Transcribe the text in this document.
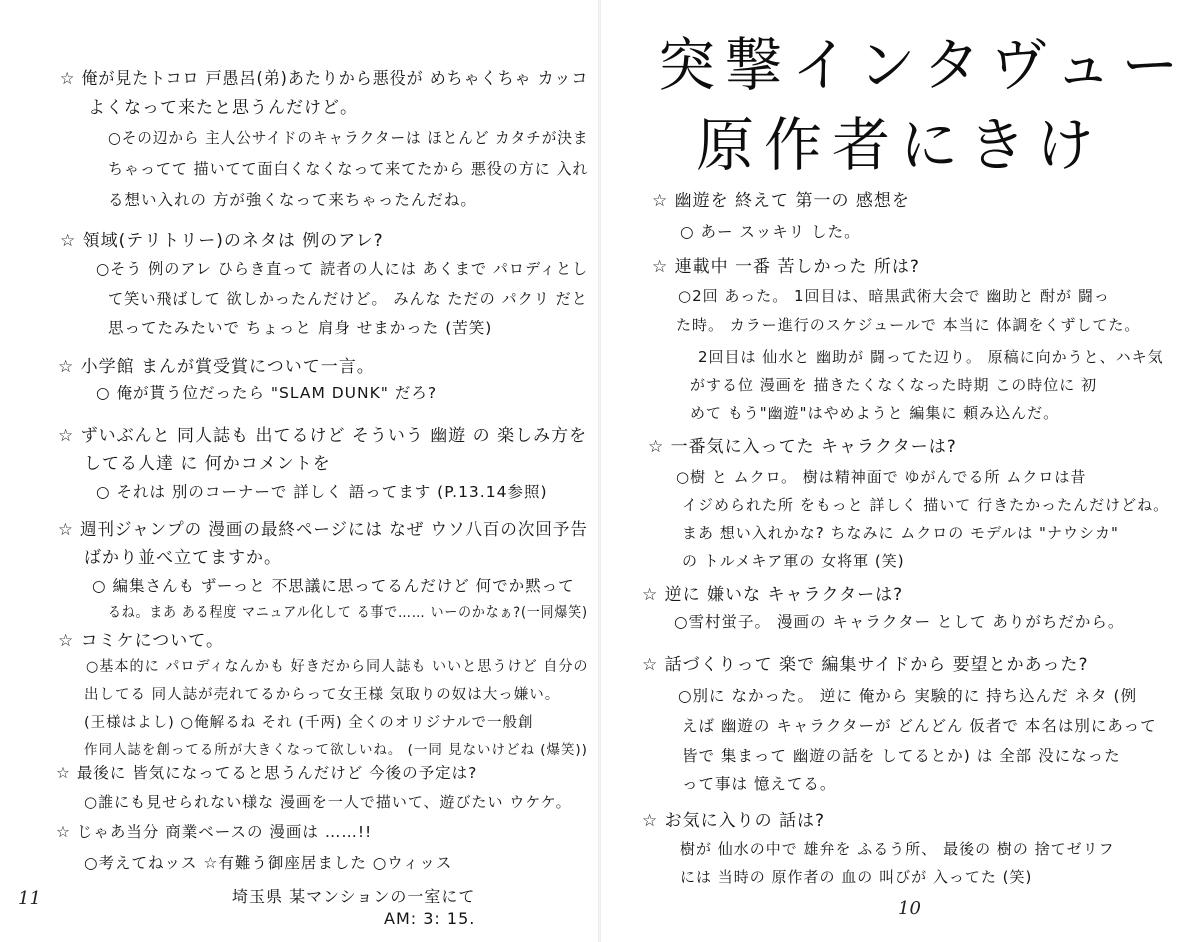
☆ 俺が見たトコロ 戸愚呂(弟)あたりから悪役が めちゃくちゃ カッコ
よくなって来たと思うんだけど。
○その辺から 主人公サイドのキャラクターは ほとんど カタチが決ま
ちゃってて 描いてて面白くなくなって来てたから 悪役の方に 入れ
る想い入れの 方が強くなって来ちゃったんだね。
☆ 領域(テリトリー)のネタは 例のアレ?
○そう 例のアレ ひらき直って 読者の人には あくまで パロディとし
て笑い飛ばして 欲しかったんだけど。 みんな ただの パクリ だと
思ってたみたいで ちょっと 肩身 せまかった (苦笑)
☆ 小学館 まんが賞受賞について一言。
○ 俺が貰う位だったら "SLAM DUNK" だろ?
☆ ずいぶんと 同人誌も 出てるけど そういう 幽遊 の 楽しみ方を
してる人達 に 何かコメントを
○ それは 別のコーナーで 詳しく 語ってます (P.13.14参照)
☆ 週刊ジャンプの 漫画の最終ページには なぜ ウソ八百の次回予告
ばかり並べ立てますか。
○ 編集さんも ずーっと 不思議に思ってるんだけど 何でか黙って
るね。まあ ある程度 マニュアル化して る事で…… いーのかなぁ?(一同爆笑)
☆ コミケについて。
○基本的に パロディなんかも 好きだから同人誌も いいと思うけど 自分の
出してる 同人誌が売れてるからって女王様 気取りの奴は大っ嫌い。
(王様はよし) ○俺解るね それ (千两) 全くのオリジナルで一般創
作同人誌を創ってる所が大きくなって欲しいね。 (一同 見ないけどね (爆笑))
☆ 最後に 皆気になってると思うんだけど 今後の予定は?
○誰にも見せられない様な 漫画を一人で描いて、遊びたい ウケケ。
☆ じゃあ当分 商業ベースの 漫画は ……!!
○考えてねッス ☆有難う御座居ました ○ウィッス
埼玉県 某マンションの一室にて
AM: 3: 15.
11
突撃インタヴュー
原作者にきけ
☆ 幽遊を 終えて 第一の 感想を
○ あー スッキリ した。
☆ 連載中 一番 苦しかった 所は?
○2回 あった。 1回目は、暗黒武術大会で 幽助と 酎が 闘っ
た時。 カラー進行のスケジュールで 本当に 体調をくずしてた。
2回目は 仙水と 幽助が 闘ってた辺り。 原稿に向かうと、ハキ気
がする位 漫画を 描きたくなくなった時期 この時位に 初
めて もう"幽遊"はやめようと 編集に 頼み込んだ。
☆ 一番気に入ってた キャラクターは?
○樹 と ムクロ。 樹は精神面で ゆがんでる所 ムクロは昔
イジめられた所 をもっと 詳しく 描いて 行きたかったんだけどね。
まあ 想い入れかな? ちなみに ムクロの モデルは "ナウシカ"
の トルメキア軍の 女将軍 (笑)
☆ 逆に 嫌いな キャラクターは?
○雪村蛍子。 漫画の キャラクター として ありがちだから。
☆ 話づくりって 楽で 編集サイドから 要望とかあった?
○別に なかった。 逆に 俺から 実験的に 持ち込んだ ネタ (例
えば 幽遊の キャラクターが どんどん 仮者で 本名は別にあって
皆で 集まって 幽遊の話を してるとか) は 全部 没になった
って事は 憶えてる。
☆ お気に入りの 話は?
樹が 仙水の中で 雄弁を ふるう所、 最後の 樹の 捨てゼリフ
には 当時の 原作者の 血の 叫びが 入ってた (笑)
10
